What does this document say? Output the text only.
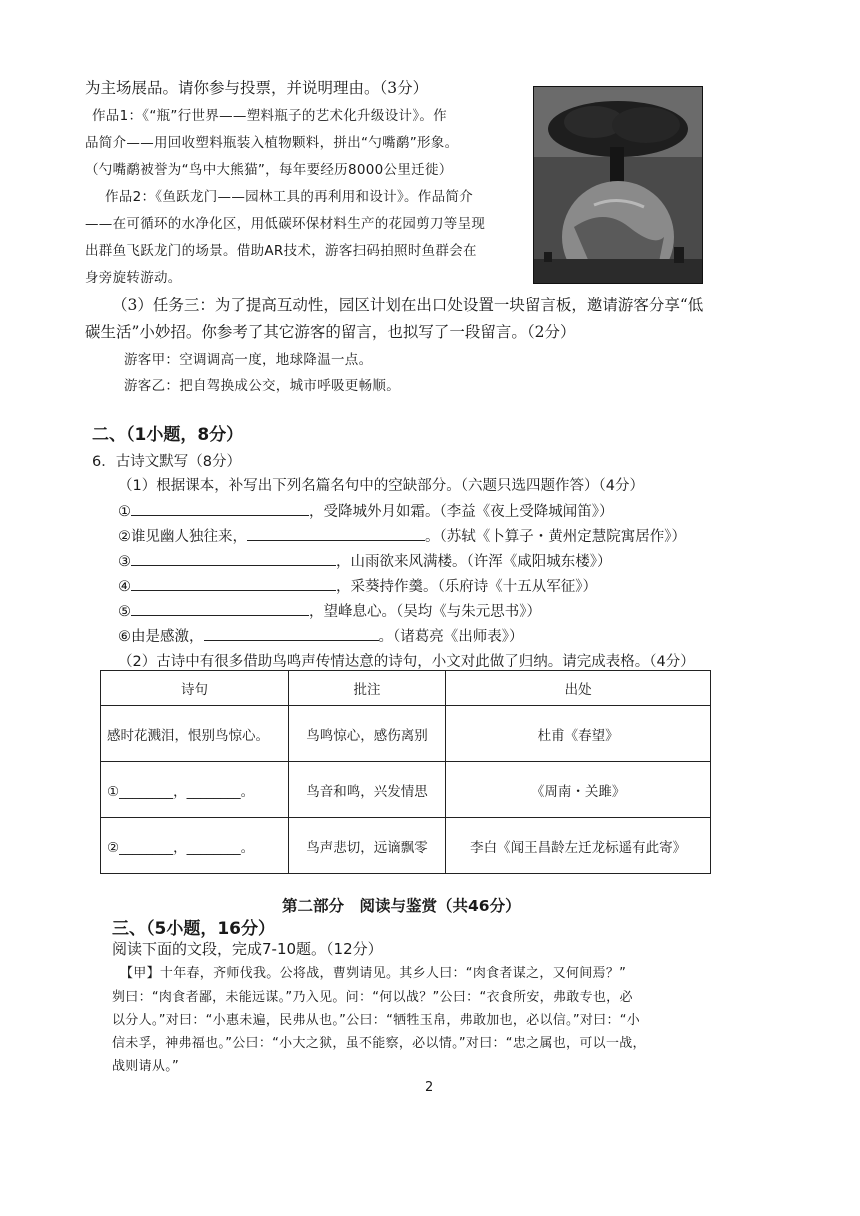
为主场展品。请你参与投票，并说明理由。（3分）
作品1：《“瓶”行世界——塑料瓶子的艺术化升级设计》。作
品简介——用回收塑料瓶装入植物颗料，拼出“勺嘴鹬”形象。
（勺嘴鹬被誉为“鸟中大熊猫”，每年要经历8000公里迁徙）
作品2：《鱼跃龙门——园林工具的再利用和设计》。作品简介
——在可循环的水净化区，用低碳环保材料生产的花园剪刀等呈现
出群鱼飞跃龙门的场景。借助AR技术，游客扫码拍照时鱼群会在
身旁旋转游动。
（3）任务三：为了提高互动性，园区计划在出口处设置一块留言板，邀请游客分享“低
碳生活”小妙招。你参考了其它游客的留言，也拟写了一段留言。（2分）
游客甲：空调调高一度，地球降温一点。
游客乙：把自驾换成公交，城市呼吸更畅顺。
二、（1小题，8分）
6．古诗文默写（8分）
（1）根据课本，补写出下列名篇名句中的空缺部分。（六题只选四题作答）（4分）
①	，受降城外月如霜。（李益《夜上受降城闻笛》）
②谁见幽人独往来，	。（苏轼《卜算子・黄州定慧院寓居作》）
③	，山雨欲来风满楼。（许浑《咸阳城东楼》）
④	，采葵持作羹。（乐府诗《十五从军征》）
⑤	，望峰息心。（吴均《与朱元思书》）
⑥由是感激，	。（诸葛亮《出师表》）
（2）古诗中有很多借助鸟鸣声传情达意的诗句，小文对此做了归纳。请完成表格。（4分）
诗句	批注	出处
感时花溅泪，恨别鸟惊心。	鸟鸣惊心，感伤离别	杜甫《春望》
①________，________。	鸟音和鸣，兴发情思	《周南・关雎》
②________，________。	鸟声悲切，远谪飘零	李白《闻王昌龄左迁龙标遥有此寄》
第二部分　阅读与鉴赏（共46分）
三、（5小题，16分）
阅读下面的文段，完成7-10题。（12分）
【甲】十年春，齐师伐我。公将战，曹刿请见。其乡人曰：“肉食者谋之，又何间焉？”
刿曰：“肉食者鄙，未能远谋。”乃入见。问：“何以战？”公曰：“衣食所安，弗敢专也，必
以分人。”对曰：“小惠未遍，民弗从也。”公曰：“牺牲玉帛，弗敢加也，必以信。”对曰：“小
信未孚，神弗福也。”公曰：“小大之狱，虽不能察，必以情。”对曰：“忠之属也，可以一战，
战则请从。”
2
